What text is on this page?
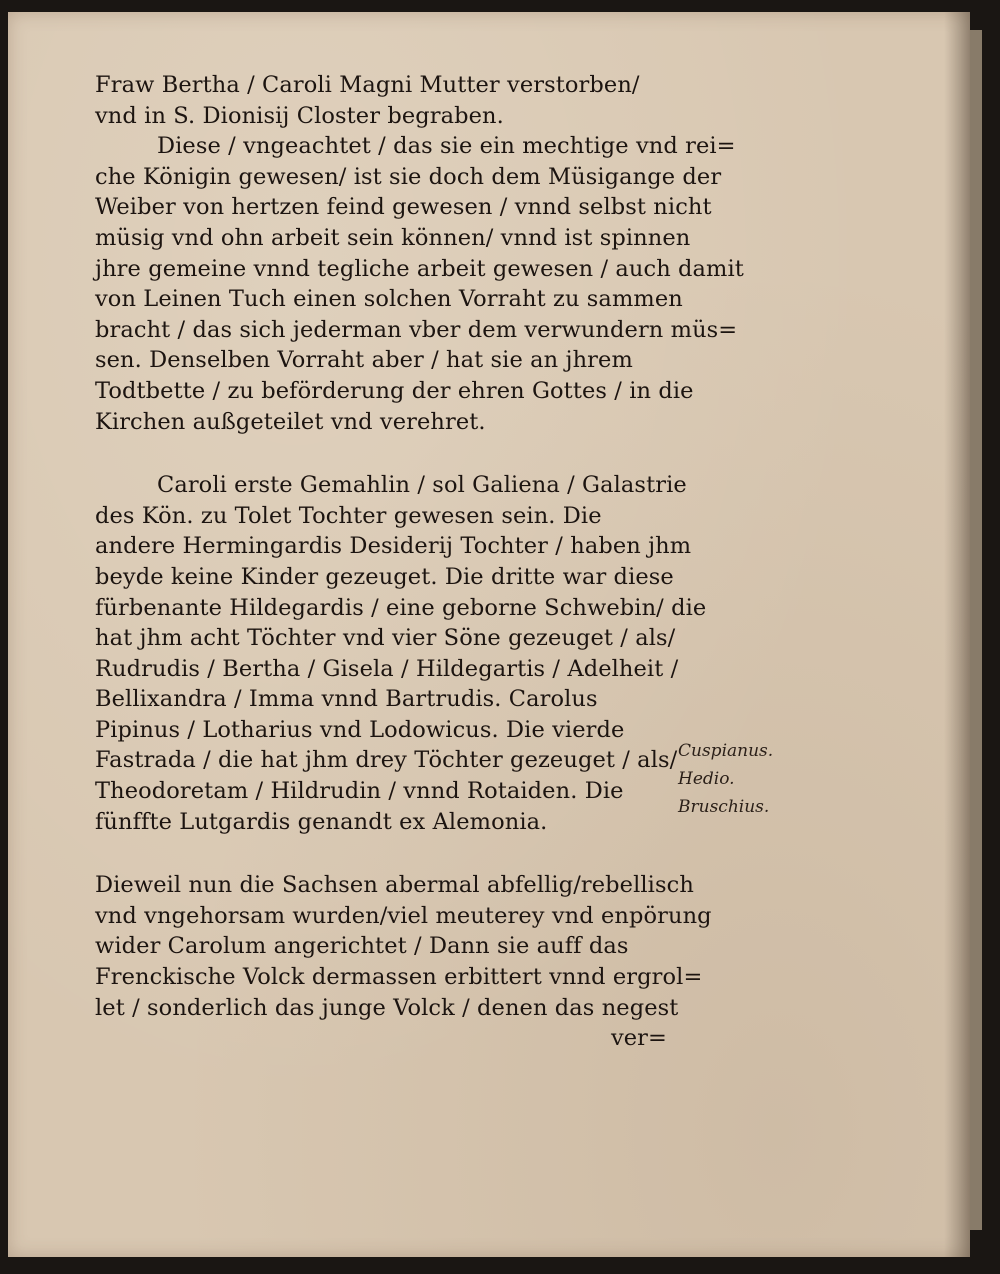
Fraw Bertha / Caroli Magni Mutter verstorben/
vnd in S. Dionisij Closter begraben.
Diese / vngeachtet / das sie ein mechtige vnd rei=
che Königin gewesen/ ist sie doch dem Müsigange der
Weiber von hertzen feind gewesen / vnnd selbst nicht
müsig vnd ohn arbeit sein können/ vnnd ist spinnen
jhre gemeine vnnd tegliche arbeit gewesen / auch damit
von Leinen Tuch einen solchen Vorraht zu sammen
bracht / das sich jederman vber dem verwundern müs=
sen. Denselben Vorraht aber / hat sie an jhrem
Todtbette / zu beförderung der ehren Gottes / in die
Kirchen außgeteilet vnd verehret.
Caroli erste Gemahlin / sol Galiena / Galastrie
des Kön. zu Tolet Tochter gewesen sein. Die
andere Hermingardis Desiderij Tochter / haben jhm
beyde keine Kinder gezeuget. Die dritte war diese
fürbenante Hildegardis / eine geborne Schwebin/ die
hat jhm acht Töchter vnd vier Söne gezeuget / als/
Rudrudis / Bertha / Gisela / Hildegartis / Adelheit /
Bellixandra / Imma vnnd Bartrudis. Carolus
Pipinus / Lotharius vnd Lodowicus. Die vierde
Fastrada / die hat jhm drey Töchter gezeuget / als/
Theodoretam / Hildrudin / vnnd Rotaiden. Die
fünffte Lutgardis genandt ex Alemonia.
Dieweil nun die Sachsen abermal abfellig/rebellisch
vnd vngehorsam wurden/viel meuterey vnd enpörung
wider Carolum angerichtet / Dann sie auff das
Frenckische Volck dermassen erbittert vnnd ergrol=
let / sonderlich das junge Volck / denen das negest
ver=
Cuspianus.
Hedio.
Bruschius.
